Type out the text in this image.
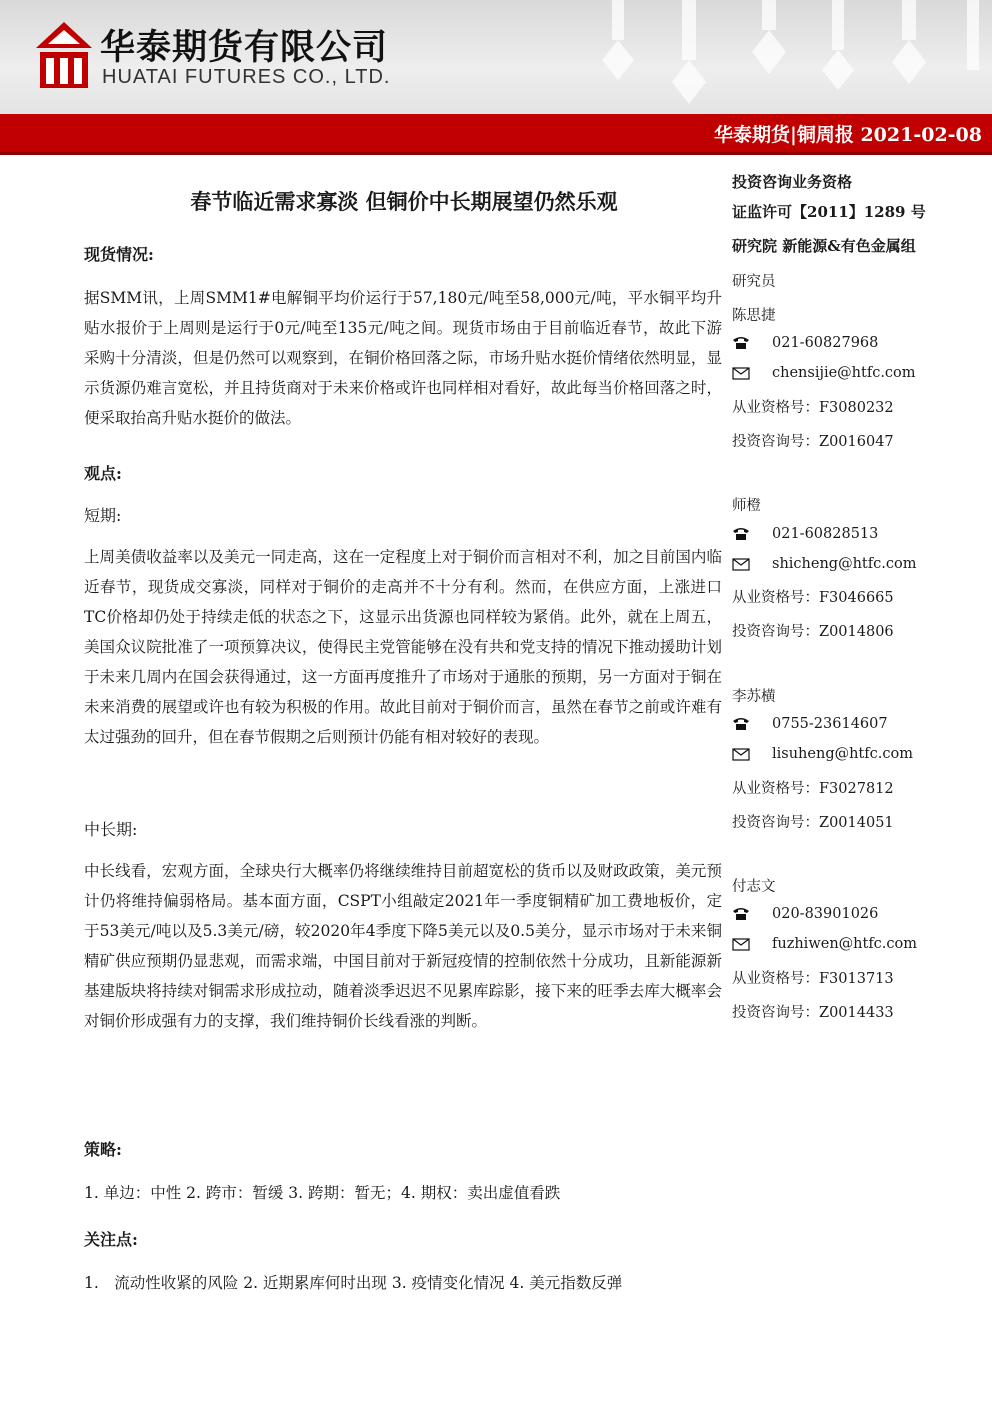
华泰期货有限公司
HUATAI FUTURES CO., LTD.
华泰期货|铜周报 2021-02-08
春节临近需求寡淡 但铜价中长期展望仍然乐观
现货情况:

据SMM讯，上周SMM1#电解铜平均价运行于57,180元/吨至58,000元/吨，平水铜平均升贴水报价于上周则是运行于0元/吨至135元/吨之间。现货市场由于目前临近春节，故此下游采购十分清淡，但是仍然可以观察到，在铜价格回落之际，市场升贴水挺价情绪依然明显，显示货源仍难言宽松，并且持货商对于未来价格或许也同样相对看好，故此每当价格回落之时，便采取抬高升贴水挺价的做法。

观点:
短期:

上周美债收益率以及美元一同走高，这在一定程度上对于铜价而言相对不利，加之目前国内临近春节，现货成交寡淡，同样对于铜价的走高并不十分有利。然而，在供应方面，上涨进口TC价格却仍处于持续走低的状态之下，这显示出货源也同样较为紧俏。此外，就在上周五，美国众议院批准了一项预算决议，使得民主党管能够在没有共和党支持的情况下推动援助计划于未来几周内在国会获得通过，这一方面再度推升了市场对于通胀的预期，另一方面对于铜在未来消费的展望或许也有较为积极的作用。故此目前对于铜价而言，虽然在春节之前或许难有太过强劲的回升，但在春节假期之后则预计仍能有相对较好的表现。

中长期:

中长线看，宏观方面，全球央行大概率仍将继续维持目前超宽松的货币以及财政政策，美元预计仍将维持偏弱格局。基本面方面，CSPT小组敲定2021年一季度铜精矿加工费地板价，定于53美元/吨以及5.3美元/磅，较2020年4季度下降5美元以及0.5美分，显示市场对于未来铜精矿供应预期仍显悲观，而需求端，中国目前对于新冠疫情的控制依然十分成功，且新能源新基建版块将持续对铜需求形成拉动，随着淡季迟迟不见累库踪影，接下来的旺季去库大概率会对铜价形成强有力的支撑，我们维持铜价长线看涨的判断。

策略:
1. 单边：中性 2. 跨市：暂缓 3. 跨期：暂无；4. 期权：卖出虚值看跌
关注点:
1.　流动性收紧的风险 2. 近期累库何时出现 3. 疫情变化情况 4. 美元指数反弹
投资咨询业务资格
证监许可【2011】1289 号
研究院 新能源&有色金属组
研究员
陈思捷
021-60827968
chensijie@htfc.com
从业资格号：F3080232
投资咨询号：Z0016047
师橙
021-60828513
shicheng@htfc.com
从业资格号：F3046665
投资咨询号：Z0014806
李苏横
0755-23614607
lisuheng@htfc.com
从业资格号：F3027812
投资咨询号：Z0014051
付志文
020-83901026
fuzhiwen@htfc.com
从业资格号：F3013713
投资咨询号：Z0014433
